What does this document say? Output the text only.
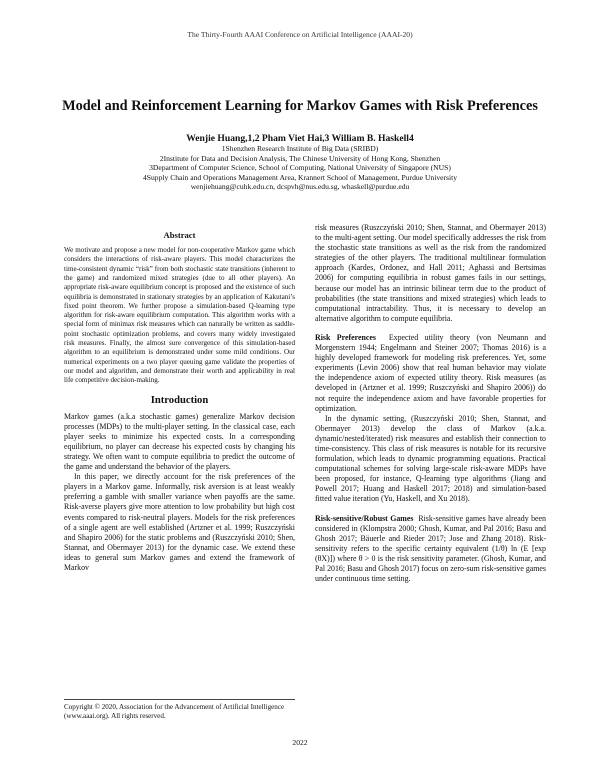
The Thirty-Fourth AAAI Conference on Artificial Intelligence (AAAI-20)
Model and Reinforcement Learning for Markov Games with Risk Preferences
Wenjie Huang,1,2 Pham Viet Hai,3 William B. Haskell4
1Shenzhen Research Institute of Big Data (SRIBD)
2Institute for Data and Decision Analysis, The Chinese University of Hong Kong, Shenzhen
3Department of Computer Science, School of Computing, National University of Singapore (NUS)
4Supply Chain and Operations Management Area, Krannert School of Management, Purdue University
wenjiehuang@cuhk.edu.cn, dcspvh@nus.edu.sg, whaskell@purdue.edu
Abstract

We motivate and propose a new model for non-cooperative Markov game which considers the interactions of risk-aware players. This model characterizes the time-consistent dynamic “risk” from both stochastic state transitions (inherent to the game) and randomized mixed strategies (due to all other players). An appropriate risk-aware equilibrium concept is proposed and the existence of such equilibria is demonstrated in stationary strategies by an application of Kakutani’s fixed point theorem. We further propose a simulation-based Q-learning type algorithm for risk-aware equilibrium computation. This algorithm works with a special form of minimax risk measures which can naturally be written as saddle-point stochastic optimization problems, and covers many widely investigated risk measures. Finally, the almost sure convergence of this simulation-based algorithm to an equilibrium is demonstrated under some mild conditions. Our numerical experiments on a two player queuing game validate the properties of our model and algorithm, and demonstrate their worth and applicability in real life competitive decision-making.

Introduction

Markov games (a.k.a stochastic games) generalize Markov decision processes (MDPs) to the multi-player setting. In the classical case, each player seeks to minimize his expected costs. In a corresponding equilibrium, no player can decrease his expected costs by changing his strategy. We often want to compute equilibria to predict the outcome of the game and understand the behavior of the players.

In this paper, we directly account for the risk preferences of the players in a Markov game. Informally, risk aversion is at least weakly preferring a gamble with smaller variance when payoffs are the same. Risk-averse players give more attention to low probability but high cost events compared to risk-neutral players. Models for the risk preferences of a single agent are well established (Artzner et al. 1999; Ruszczyński and Shapiro 2006) for the static problems and (Ruszczyński 2010; Shen, Stannat, and Obermayer 2013) for the dynamic case. We extend these ideas to general sum Markov games and extend the framework of Markov

Copyright © 2020, Association for the Advancement of Artificial Intelligence (www.aaai.org). All rights reserved.

risk measures (Ruszczyński 2010; Shen, Stannat, and Obermayer 2013) to the multi-agent setting. Our model specifically addresses the risk from the stochastic state transitions as well as the risk from the randomized strategies of the other players. The traditional multilinear formulation approach (Kardes, Ordonez, and Hall 2011; Aghassi and Bertsimas 2006) for computing equilibria in robust games fails in our settings, because our model has an intrinsic bilinear term due to the product of probabilities (the state transitions and mixed strategies) which leads to computational intractability. Thus, it is necessary to develop an alternative algorithm to compute equilibria.

Risk Preferences Expected utility theory (von Neumann and Morgenstern 1944; Engelmann and Steiner 2007; Thomas 2016) is a highly developed framework for modeling risk preferences. Yet, some experiments (Levin 2006) show that real human behavior may violate the independence axiom of expected utility theory. Risk measures (as developed in (Artzner et al. 1999; Ruszczyński and Shapiro 2006)) do not require the independence axiom and have favorable properties for optimization.

In the dynamic setting, (Ruszczyński 2010; Shen, Stannat, and Obermayer 2013) develop the class of Markov (a.k.a. dynamic/nested/iterated) risk measures and establish their connection to time-consistency. This class of risk measures is notable for its recursive formulation, which leads to dynamic programming equations. Practical computational schemes for solving large-scale risk-aware MDPs have been proposed, for instance, Q-learning type algorithms (Jiang and Powell 2017; Huang and Haskell 2017; 2018) and simulation-based fitted value iteration (Yu, Haskell, and Xu 2018).

Risk-sensitive/Robust Games Risk-sensitive games have already been considered in (Klompstra 2000; Ghosh, Kumar, and Pal 2016; Basu and Ghosh 2017; Bäuerle and Rieder 2017; Jose and Zhang 2018). Risk-sensitivity refers to the specific certainty equivalent (1/θ) ln (E [exp (θX)]) where θ > 0 is the risk sensitivity parameter. (Ghosh, Kumar, and Pal 2016; Basu and Ghosh 2017) focus on zero-sum risk-sensitive games under continuous time setting.

2022
